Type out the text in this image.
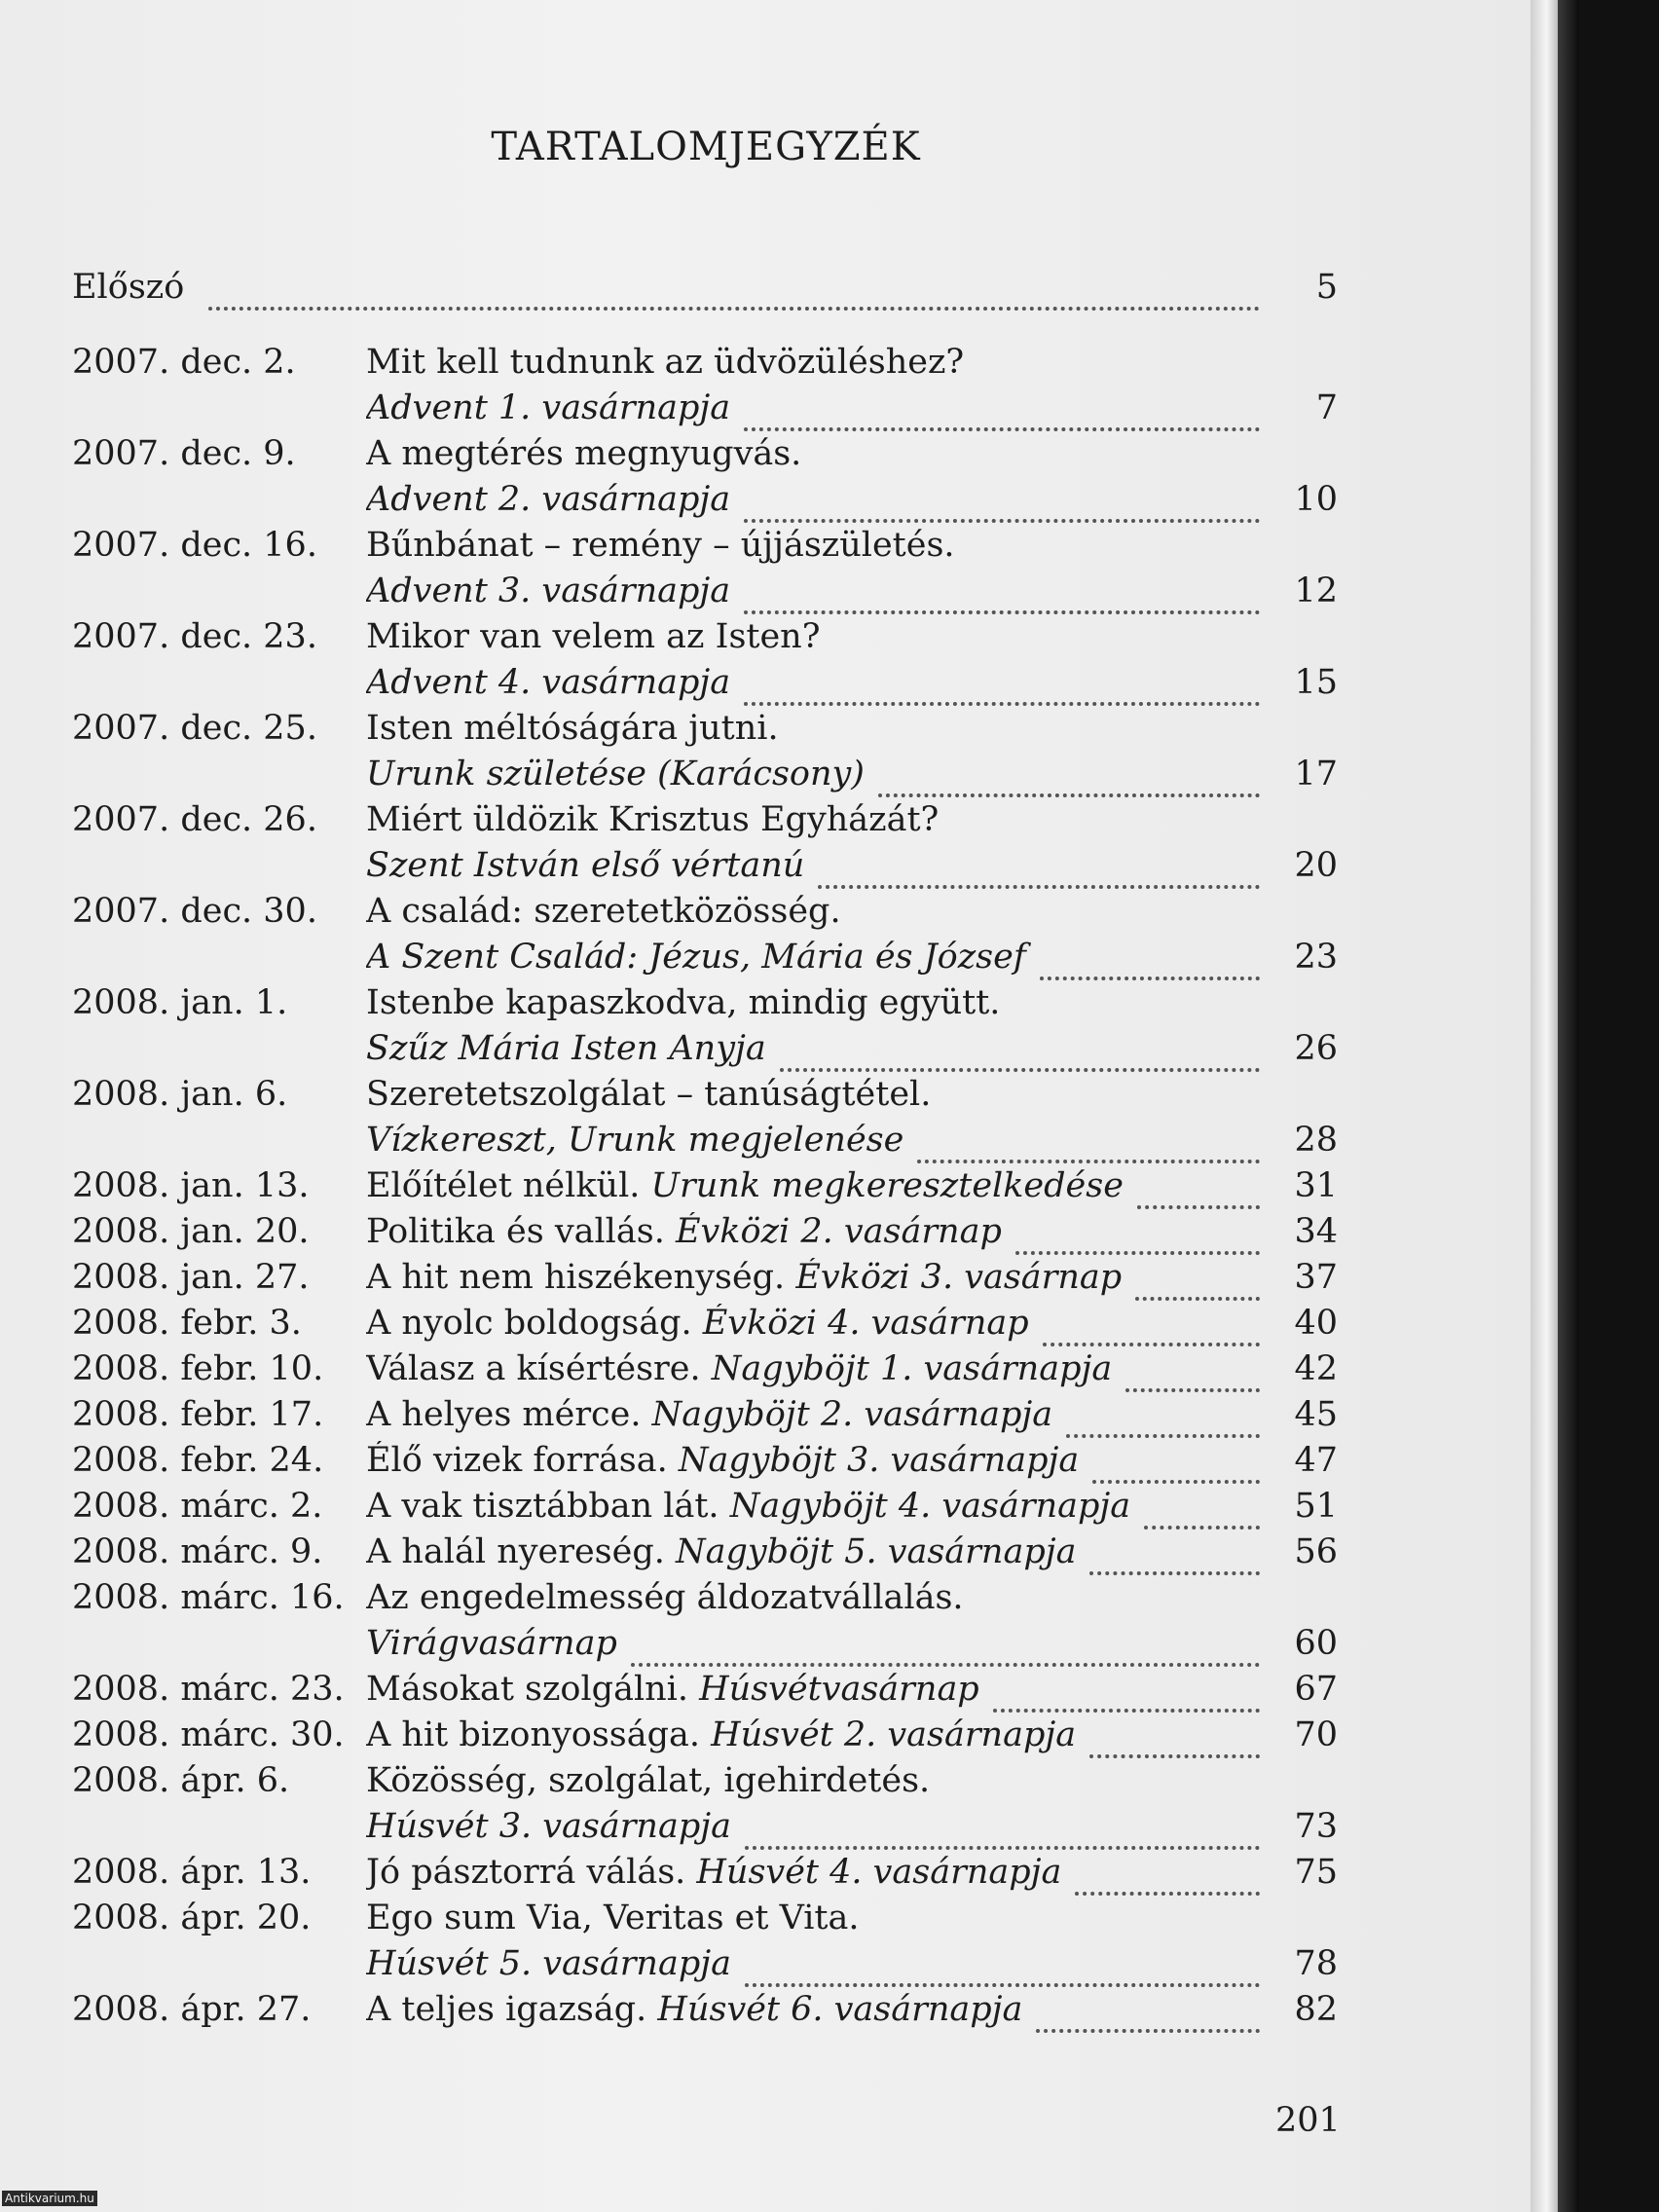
TARTALOMJEGYZÉK
Előszó	5
2007. dec. 2. Mit kell tudnunk az üdvözüléshez?
Advent 1. vasárnapja	7
2007. dec. 9. A megtérés megnyugvás.
Advent 2. vasárnapja	10
2007. dec. 16. Bűnbánat – remény – újjászületés.
Advent 3. vasárnapja	12
2007. dec. 23. Mikor van velem az Isten?
Advent 4. vasárnapja	15
2007. dec. 25. Isten méltóságára jutni.
Urunk születése (Karácsony)	17
2007. dec. 26. Miért üldözik Krisztus Egyházát?
Szent István első vértanú	20
2007. dec. 30. A család: szeretetközösség.
A Szent Család: Jézus, Mária és József	23
2008. jan. 1. Istenbe kapaszkodva, mindig együtt.
Szűz Mária Isten Anyja	26
2008. jan. 6. Szeretetszolgálat – tanúságtétel.
Vízkereszt, Urunk megjelenése	28
2008. jan. 13. Előítélet nélkül. Urunk megkeresztelkedése	31
2008. jan. 20. Politika és vallás. Évközi 2. vasárnap	34
2008. jan. 27. A hit nem hiszékenység. Évközi 3. vasárnap	37
2008. febr. 3. A nyolc boldogság. Évközi 4. vasárnap	40
2008. febr. 10. Válasz a kísértésre. Nagyböjt 1. vasárnapja	42
2008. febr. 17. A helyes mérce. Nagyböjt 2. vasárnapja	45
2008. febr. 24. Élő vizek forrása. Nagyböjt 3. vasárnapja	47
2008. márc. 2. A vak tisztábban lát. Nagyböjt 4. vasárnapja	51
2008. márc. 9. A halál nyereség. Nagyböjt 5. vasárnapja	56
2008. márc. 16. Az engedelmesség áldozatvállalás.
Virágvasárnap	60
2008. márc. 23. Másokat szolgálni. Húsvétvasárnap	67
2008. márc. 30. A hit bizonyossága. Húsvét 2. vasárnapja	70
2008. ápr. 6. Közösség, szolgálat, igehirdetés.
Húsvét 3. vasárnapja	73
2008. ápr. 13. Jó pásztorrá válás. Húsvét 4. vasárnapja	75
2008. ápr. 20. Ego sum Via, Veritas et Vita.
Húsvét 5. vasárnapja	78
2008. ápr. 27. A teljes igazság. Húsvét 6. vasárnapja	82
201
Antikvarium.hu
